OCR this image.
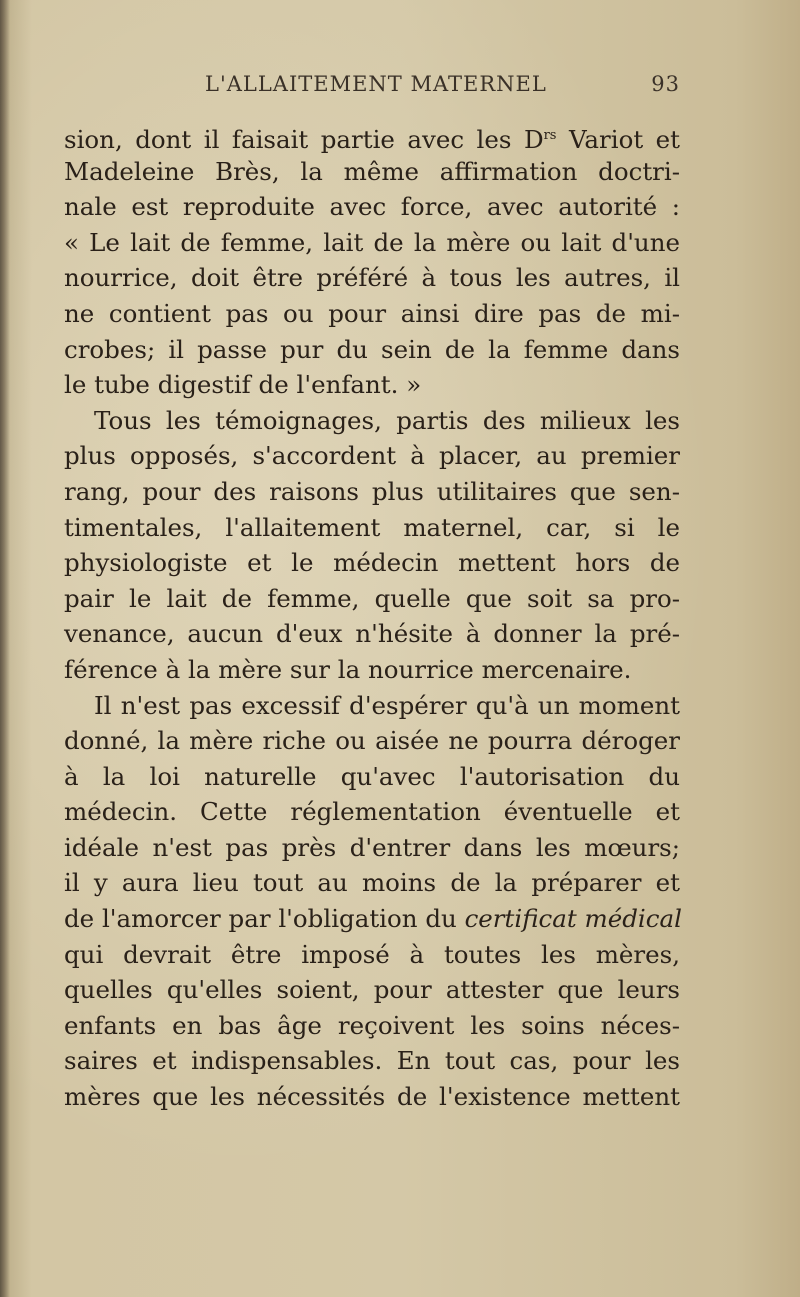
L'ALLAITEMENT MATERNEL	93
sion, dont il faisait partie avec les $D^{rs}$ Variot et
Madeleine Brès, la même affirmation doctri-
nale est reproduite avec force, avec autorité :
« Le lait de femme, lait de la mère ou lait d'une
nourrice, doit être préféré à tous les autres, il
ne contient pas ou pour ainsi dire pas de mi-
crobes; il passe pur du sein de la femme dans
le tube digestif de l'enfant. »
Tous les témoignages, partis des milieux les
plus opposés, s'accordent à placer, au premier
rang, pour des raisons plus utilitaires que sen-
timentales, l'allaitement maternel, car, si le
physiologiste et le médecin mettent hors de
pair le lait de femme, quelle que soit sa pro-
venance, aucun d'eux n'hésite à donner la pré-
férence à la mère sur la nourrice mercenaire.
Il n'est pas excessif d'espérer qu'à un moment
donné, la mère riche ou aisée ne pourra déroger
à la loi naturelle qu'avec l'autorisation du
médecin. Cette réglementation éventuelle et
idéale n'est pas près d'entrer dans les mœurs;
il y aura lieu tout au moins de la préparer et
de l'amorcer par l'obligation du certificat médical
qui devrait être imposé à toutes les mères,
quelles qu'elles soient, pour attester que leurs
enfants en bas âge reçoivent les soins néces-
saires et indispensables. En tout cas, pour les
mères que les nécessités de l'existence mettent
